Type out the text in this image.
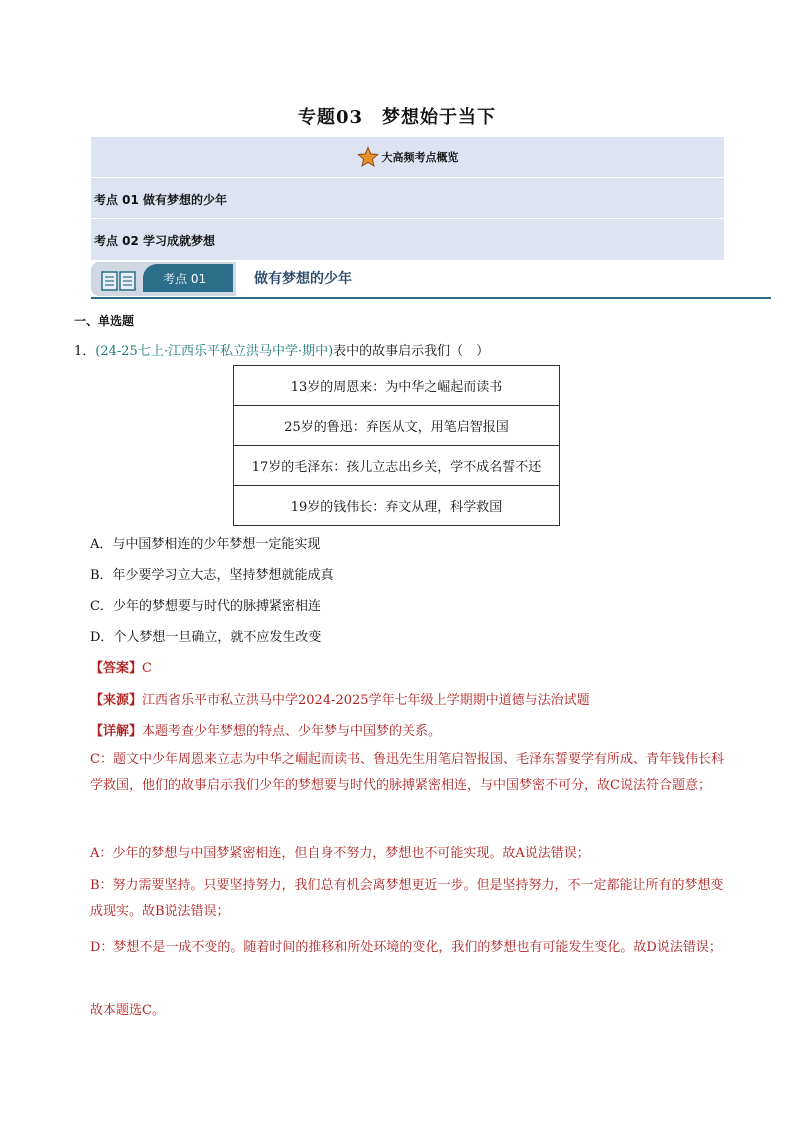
专题03　梦想始于当下
大高频考点概览
考点 01 做有梦想的少年
考点 02 学习成就梦想
考点 01	做有梦想的少年
一、单选题
1．(24-25七上·江西乐平私立洪马中学·期中)表中的故事启示我们（　）
13岁的周恩来：为中华之崛起而读书
25岁的鲁迅：弃医从文，用笔启智报国
17岁的毛泽东：孩儿立志出乡关，学不成名誓不还
19岁的钱伟长：弃文从理，科学救国
A．与中国梦相连的少年梦想一定能实现
B．年少要学习立大志，坚持梦想就能成真
C．少年的梦想要与时代的脉搏紧密相连
D．个人梦想一旦确立，就不应发生改变
【答案】C
【来源】江西省乐平市私立洪马中学2024-2025学年七年级上学期期中道德与法治试题
【详解】本题考查少年梦想的特点、少年梦与中国梦的关系。
C：题文中少年周恩来立志为中华之崛起而读书、鲁迅先生用笔启智报国、毛泽东誓要学有所成、青年钱伟长科学救国，他们的故事启示我们少年的梦想要与时代的脉搏紧密相连，与中国梦密不可分，故C说法符合题意；
A：少年的梦想与中国梦紧密相连，但自身不努力，梦想也不可能实现。故A说法错误；
B：努力需要坚持。只要坚持努力，我们总有机会离梦想更近一步。但是坚持努力，不一定都能让所有的梦想变成现实。故B说法错误；
D：梦想不是一成不变的。随着时间的推移和所处环境的变化，我们的梦想也有可能发生变化。故D说法错误；
故本题选C。
